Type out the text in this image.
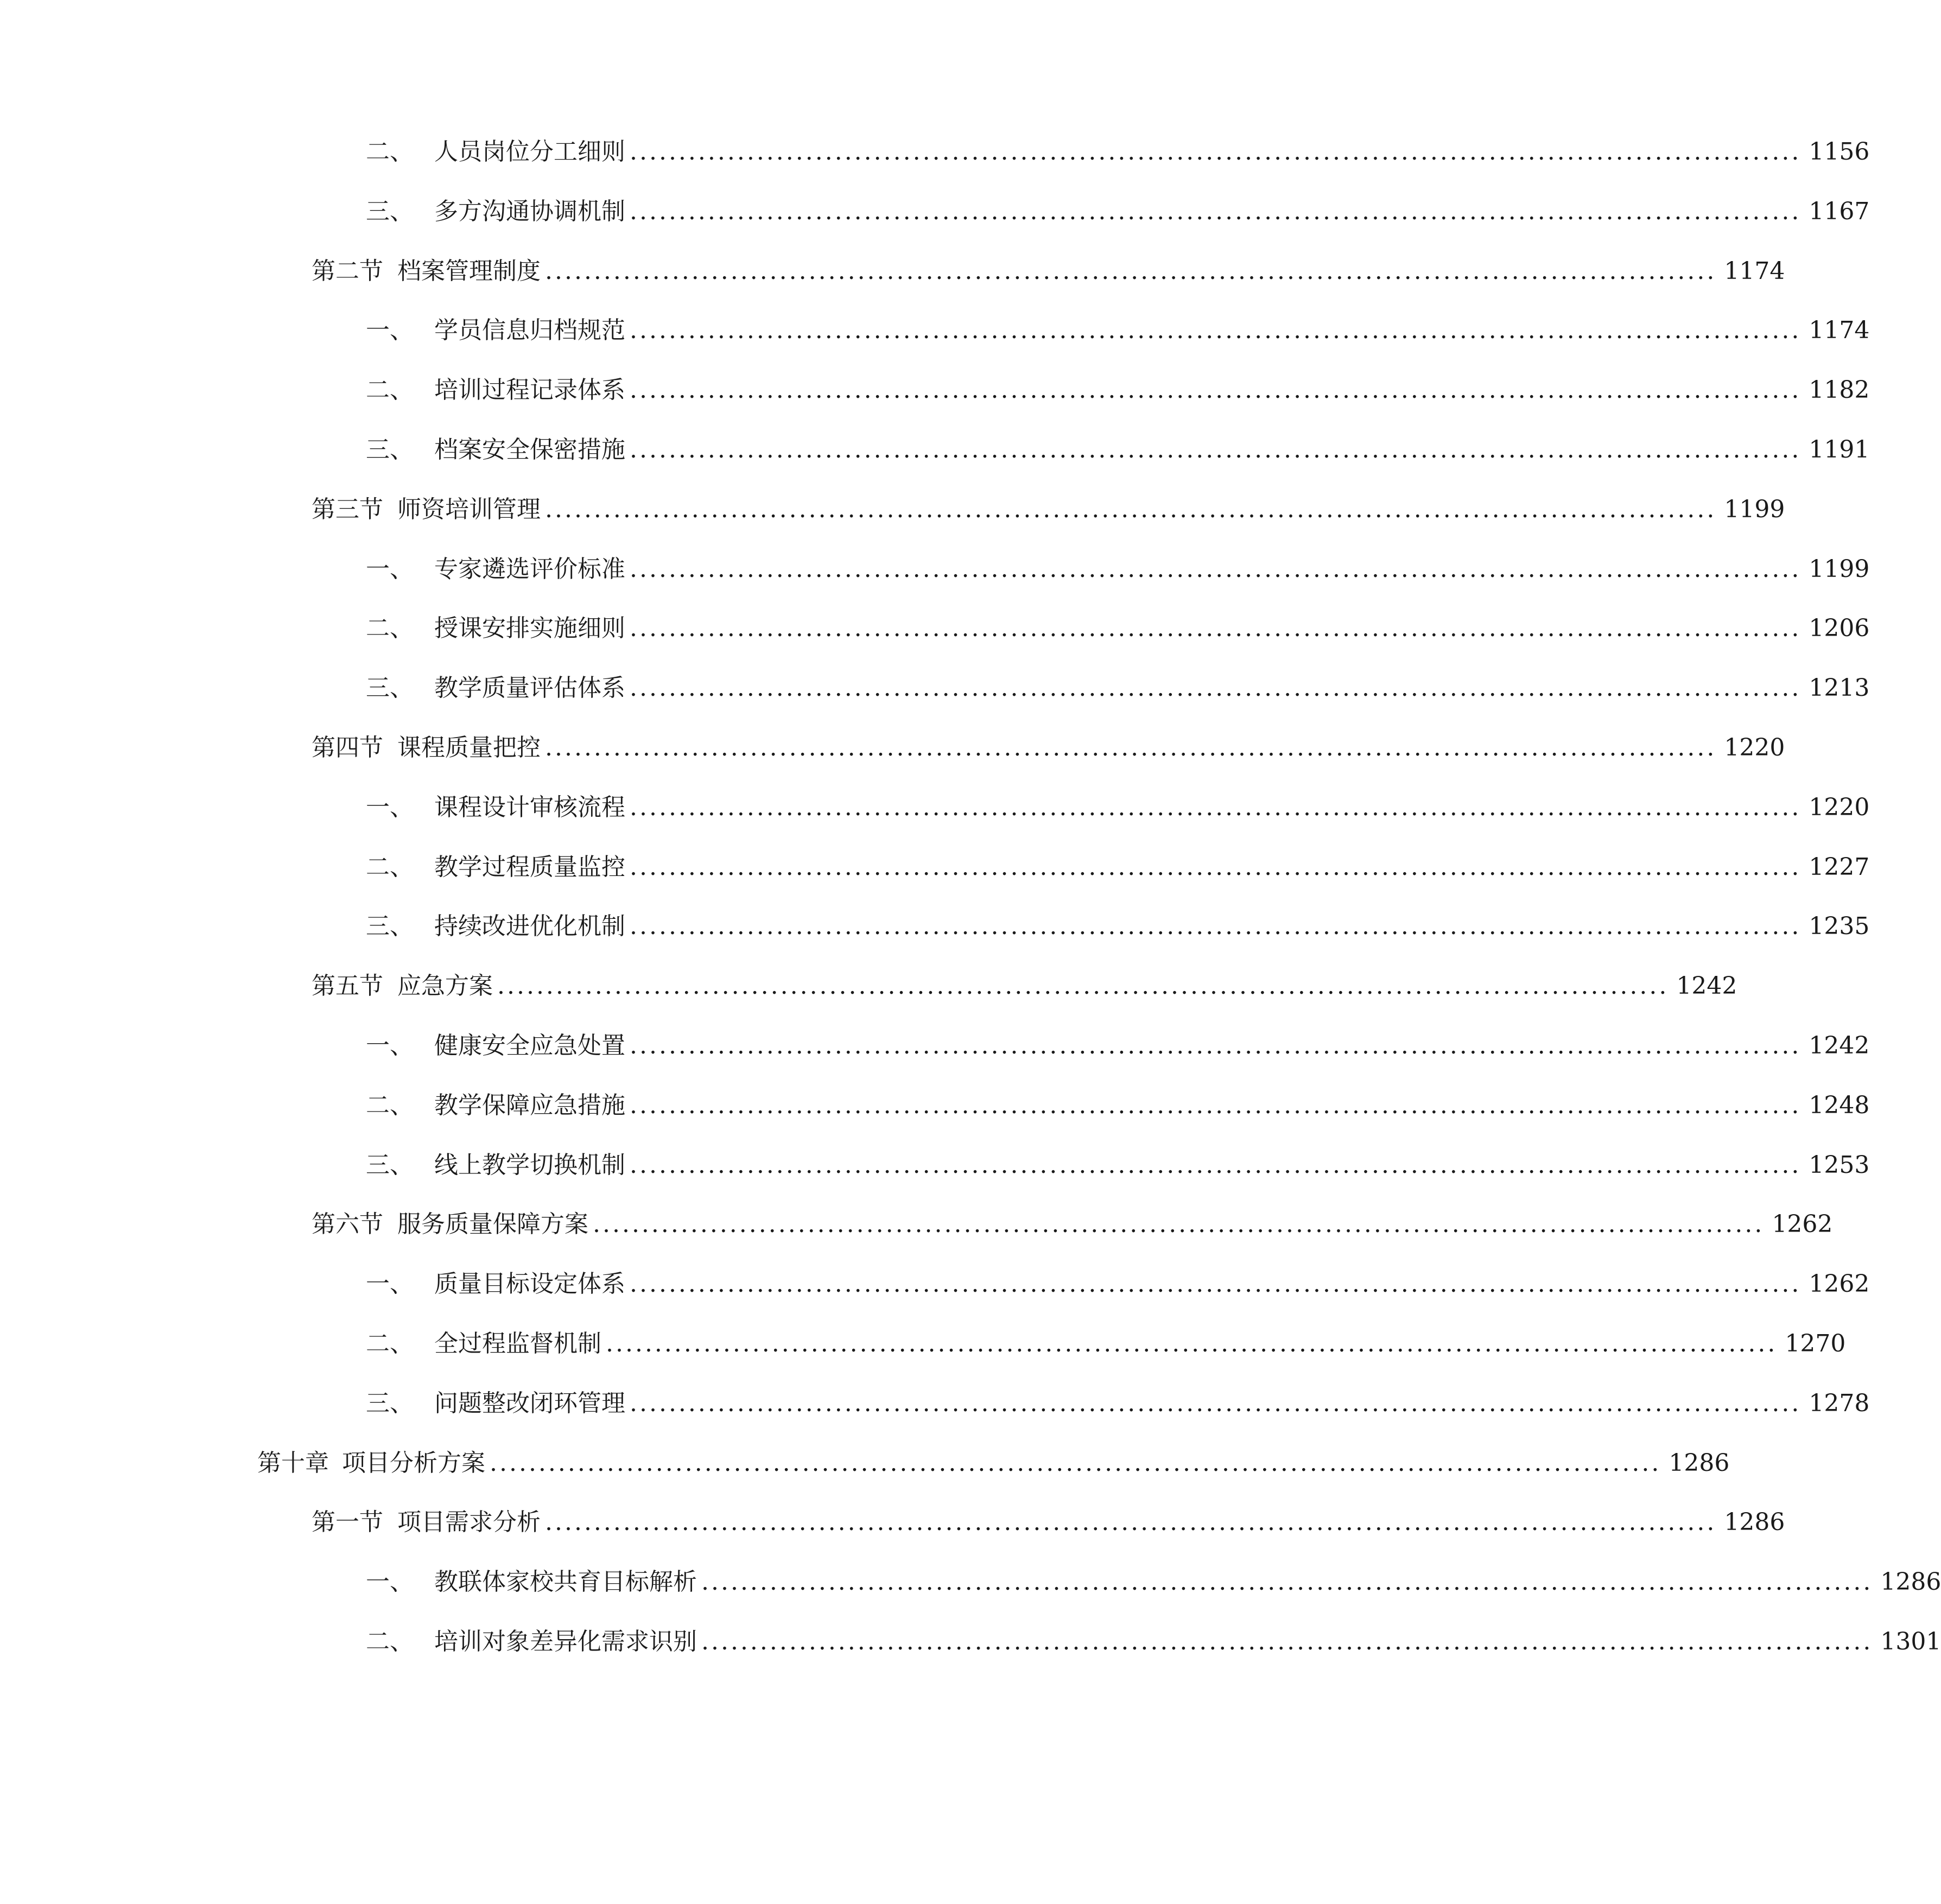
二、 人员岗位分工细则 ........................................................................................................................ 1156
三、 多方沟通协调机制 ........................................................................................................................ 1167
第二节 档案管理制度 ........................................................................................................................ 1174
一、 学员信息归档规范 ........................................................................................................................ 1174
二、 培训过程记录体系 ........................................................................................................................ 1182
三、 档案安全保密措施 ........................................................................................................................ 1191
第三节 师资培训管理 ........................................................................................................................ 1199
一、 专家遴选评价标准 ........................................................................................................................ 1199
二、 授课安排实施细则 ........................................................................................................................ 1206
三、 教学质量评估体系 ........................................................................................................................ 1213
第四节 课程质量把控 ........................................................................................................................ 1220
一、 课程设计审核流程 ........................................................................................................................ 1220
二、 教学过程质量监控 ........................................................................................................................ 1227
三、 持续改进优化机制 ........................................................................................................................ 1235
第五节 应急方案 ........................................................................................................................ 1242
一、 健康安全应急处置 ........................................................................................................................ 1242
二、 教学保障应急措施 ........................................................................................................................ 1248
三、 线上教学切换机制 ........................................................................................................................ 1253
第六节 服务质量保障方案 ........................................................................................................................ 1262
一、 质量目标设定体系 ........................................................................................................................ 1262
二、 全过程监督机制 ........................................................................................................................ 1270
三、 问题整改闭环管理 ........................................................................................................................ 1278
第十章 项目分析方案 ........................................................................................................................ 1286
第一节 项目需求分析 ........................................................................................................................ 1286
一、 教联体家校共育目标解析 ........................................................................................................................ 1286
二、 培训对象差异化需求识别 ........................................................................................................................ 1301
